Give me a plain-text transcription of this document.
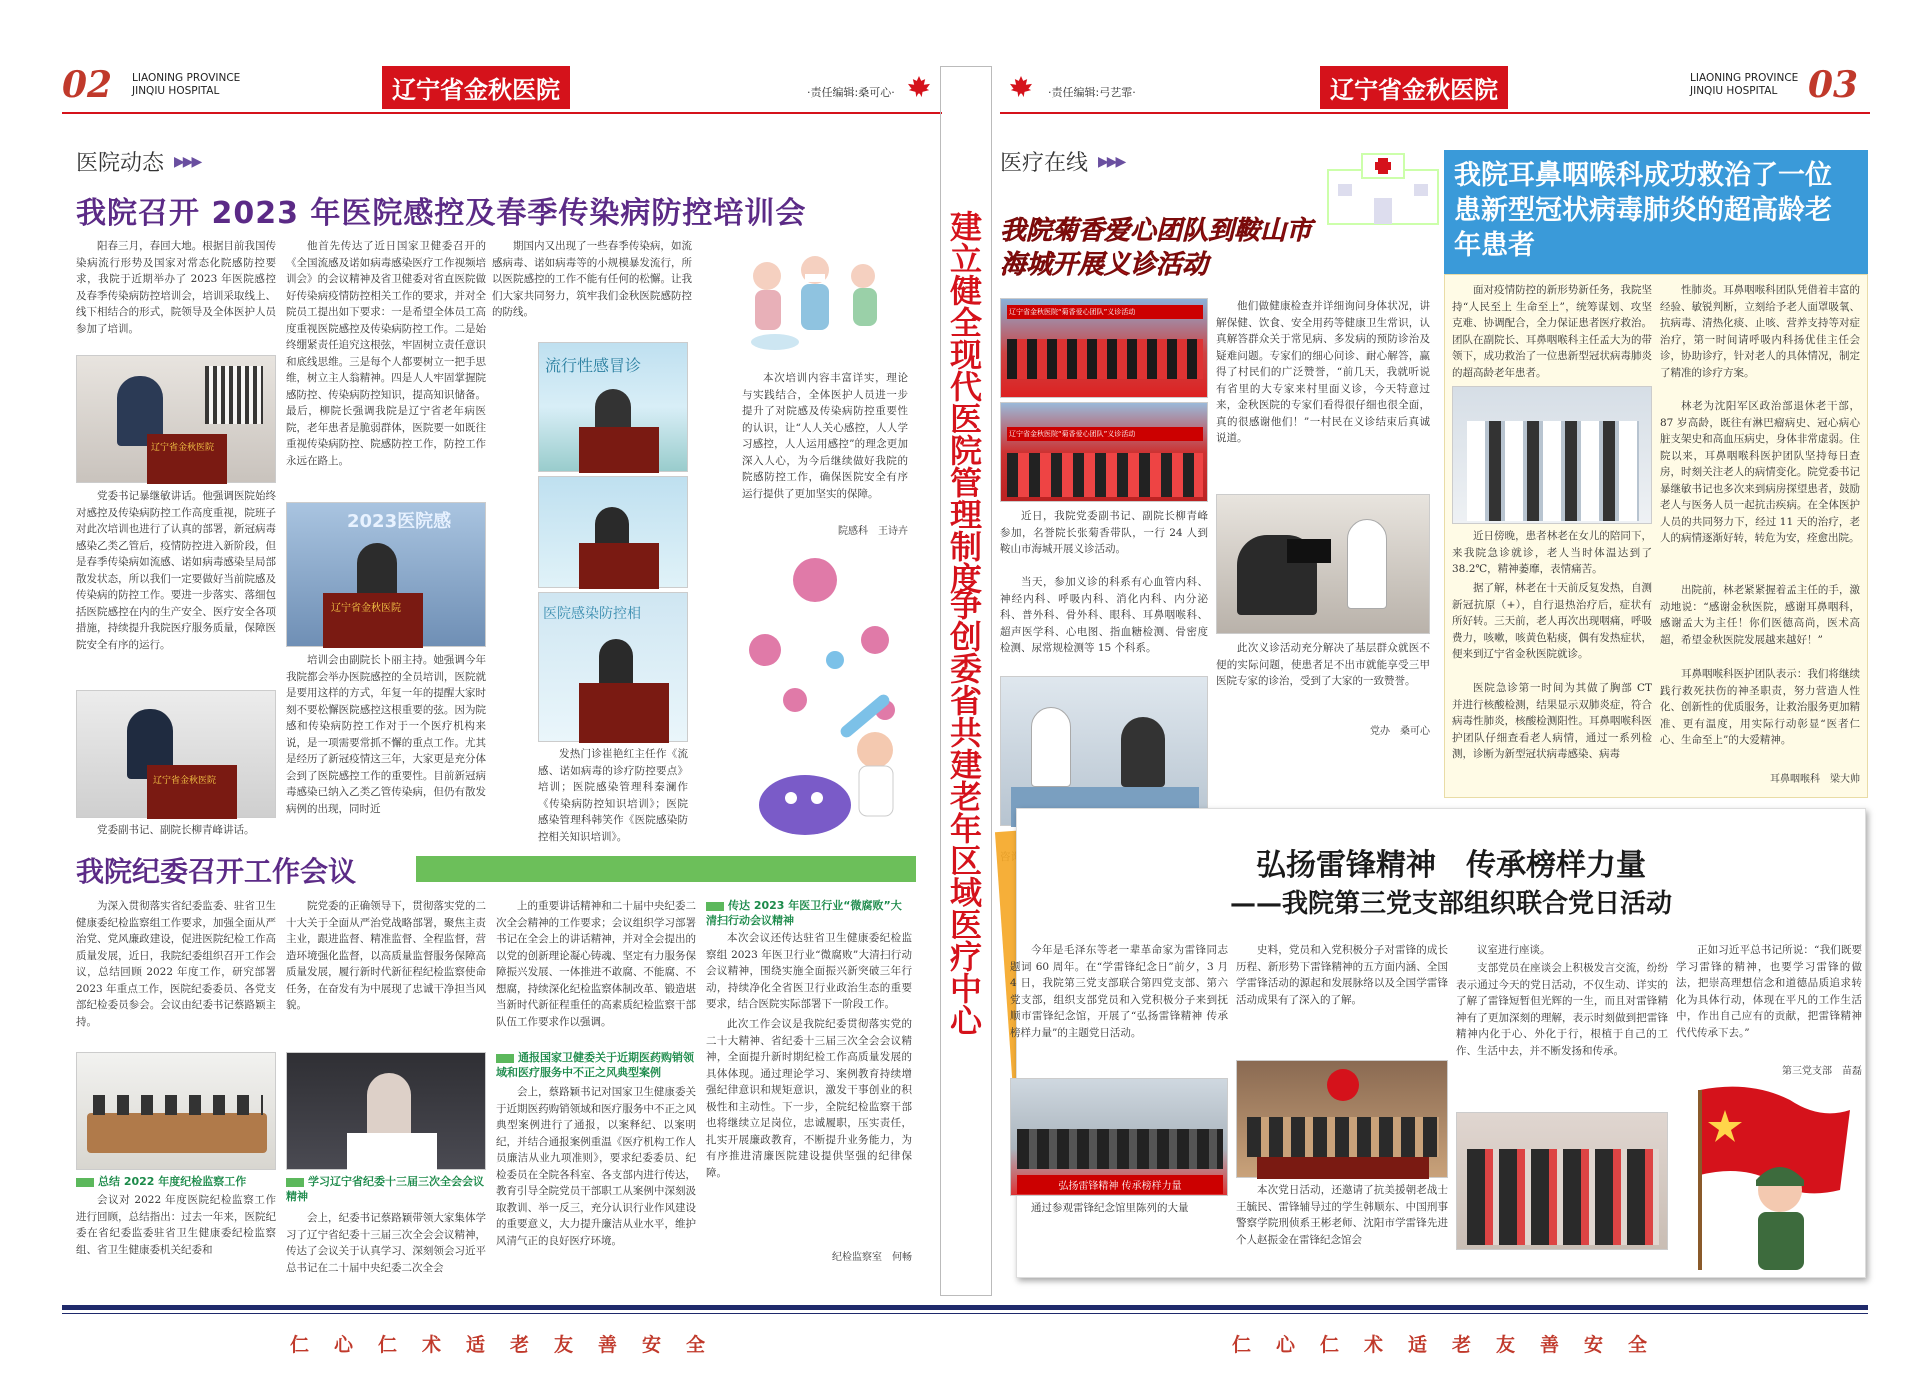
02 LIAONING PROVINCE
JINQIU HOSPITAL	辽宁省金秋医院	·责任编辑:桑可心·
医院动态 ▶▶▶
我院召开 2023 年医院感控及春季传染病防控培训会
阳春三月，春回大地。根据目前我国传染病流行形势及国家对常态化院感防控要求，我院于近期举办了 2023 年医院感控及春季传染病防控培训会，培训采取线上、线下相结合的形式，院领导及全体医护人员参加了培训。
辽宁省金秋医院
党委书记暴继敏讲话。他强调医院始终对感控及传染病防控工作高度重视，院班子对此次培训也进行了认真的部署，新冠病毒感染乙类乙管后，疫情防控进入新阶段，但是春季传染病如流感、诺如病毒感染呈局部散发状态，所以我们一定要做好当前院感及传染病的防控工作。要进一步落实、落细包括医院感控在内的生产安全、医疗安全各项措施，持续提升我院医疗服务质量，保障医院安全有序的运行。
辽宁省金秋医院
党委副书记、副院长柳青峰讲话。
他首先传达了近日国家卫健委召开的《全国流感及诺如病毒感染医疗工作视频培训会》的会议精神及省卫健委对省直医院做好传染病疫情防控相关工作的要求，并对全院员工提出如下要求：一是希望全体员工高度重视医院感控及传染病防控工作。二是始终绷紧责任追究这根弦，牢固树立责任意识和底线思维。三是每个人都要树立一把手思维，树立主人翁精神。四是人人牢固掌握院感防控、传染病防控知识，提高知识储备。最后，柳院长强调我院是辽宁省老年病医院，老年患者是脆弱群体，医院要一如既往重视传染病防控、院感防控工作，防控工作永远在路上。
2023医院感
辽宁省金秋医院
培训会由副院长卜丽主持。她强调今年我院都会举办医院感控的全员培训，医院就是要用这样的方式，年复一年的提醒大家时刻不要松懈医院感控这根重要的弦。因为院感和传染病防控工作对于一个医疗机构来说，是一项需要常抓不懈的重点工作。尤其是经历了新冠疫情这三年，大家更是充分体会到了医院感控工作的重要性。目前新冠病毒感染已纳入乙类乙管传染病，但仍有散发病例的出现，同时近
期国内又出现了一些春季传染病，如流感病毒、诺如病毒等的小规模暴发流行，所以医院感控的工作不能有任何的松懈。让我们大家共同努力，筑牢我们金秋医院感防控的防线。
流行性感冒诊
医院感染防控相
发热门诊崔艳红主任作《流感、诺如病毒的诊疗防控要点》培训；医院感染管理科秦澜作《传染病防控知识培训》；医院感染管理科韩笑作《医院感染防控相关知识培训》。
本次培训内容丰富详实，理论与实践结合，全体医护人员进一步提升了对院感及传染病防控重要性的认识，让“人人关心感控，人人学习感控，人人运用感控”的理念更加深入人心，为今后继续做好我院的院感防控工作，确保医院安全有序运行提供了更加坚实的保障。
院感科　王诗卉
我院纪委召开工作会议
为深入贯彻落实省纪委监委、驻省卫生健康委纪检监察组工作要求，加强全面从严治党、党风廉政建设，促进医院纪检工作高质量发展，近日，我院纪委组织召开工作会议，总结回顾 2022 年度工作，研究部署 2023 年重点工作，医院纪委委员、各党支部纪检委员参会。会议由纪委书记蔡路颖主持。
总结 2022 年度纪检监察工作
会议对 2022 年度医院纪检监察工作进行回顾，总结指出：过去一年来，医院纪委在省纪委监委驻省卫生健康委纪检监察组、省卫生健康委机关纪委和
院党委的正确领导下，贯彻落实党的二十大关于全面从严治党战略部署，聚焦主责主业，跟进监督、精准监督、全程监督，营造环境强化监督，以高质量监督服务保障高质量发展，履行新时代新征程纪检监察使命任务，在奋发有为中展现了忠诚干净担当风貌。
学习辽宁省纪委十三届三次全会会议精神
会上，纪委书记蔡路颖带领大家集体学习了辽宁省纪委十三届三次全会会议精神，传达了会议关于认真学习、深刻领会习近平总书记在二十届中央纪委二次全会
上的重要讲话精神和二十届中央纪委二次全会精神的工作要求；会议组织学习部署书记在全会上的讲话精神，并对全会提出的以党的创新理论凝心铸魂、坚定有力服务保障振兴发展、一体推进不敢腐、不能腐、不想腐，持续深化纪检监察体制改革、锻造堪当新时代新征程重任的高素质纪检监察干部队伍工作要求作以强调。
通报国家卫健委关于近期医药购销领域和医疗服务中不正之风典型案例
会上，蔡路颖书记对国家卫生健康委关于近期医药购销领域和医疗服务中不正之风典型案例进行了通报，以案释纪、以案明纪，并结合通报案例重温《医疗机构工作人员廉洁从业九项准则》，要求纪委委员、纪检委员在全院各科室、各支部内进行传达，教育引导全院党员干部职工从案例中深刻汲取教训、举一反三，充分认识行业作风建设的重要意义，大力提升廉洁从业水平，维护风清气正的良好医疗环境。
传达 2023 年医卫行业“微腐败”大清扫行动会议精神
本次会议还传达驻省卫生健康委纪检监察组 2023 年医卫行业“微腐败”大清扫行动会议精神，围绕实施全面振兴新突破三年行动，持续净化全省医卫行业政治生态的重要要求，结合医院实际部署下一阶段工作。
此次工作会议是我院纪委贯彻落实党的二十大精神、省纪委十三届三次全会会议精神，全面提升新时期纪检工作高质量发展的具体体现。通过理论学习、案例教育持续增强纪律意识和规矩意识，激发干事创业的积极性和主动性。下一步，全院纪检监察干部也将继续立足岗位，忠诚履职，压实责任，扎实开展廉政教育，不断提升业务能力，为有序推进清廉医院建设提供坚强的纪律保障。
纪检监察室　何畅
建立健全现代医院管理制度
争创委省共建老年区域医疗中心
·责任编辑:弓艺霏·	辽宁省金秋医院	LIAONING PROVINCE
JINQIU HOSPITAL 03
医疗在线 ▶▶▶
我院菊香爱心团队到鞍山市
海城开展义诊活动
辽宁省金秋医院“菊香爱心团队”义诊活动
辽宁省金秋医院“菊香爱心团队”义诊活动
近日，我院党委副书记、副院长柳青峰参加，名誉院长张菊香带队，一行 24 人到鞍山市海城开展义诊活动。
当天，参加义诊的科系有心血管内科、神经内科、呼吸内科、消化内科、内分泌科、普外科、骨外科、眼科、耳鼻咽喉科、超声医学科、心电图、指血糖检测、骨密度检测、尿常规检测等 15 个科系。
他们做健康检查并详细询问身体状况，讲解保健、饮食、安全用药等健康卫生常识，认真解答群众关于常见病、多发病的预防诊治及疑难问题。专家们的细心问诊、耐心解答，赢得了村民们的广泛赞誉，“前几天，我就听说有省里的大专家来村里面义诊，今天特意过来，金秋医院的专家们看得很仔细也很全面，真的很感谢他们！”一村民在义诊结束后真诚说道。
此次义诊活动充分解决了基层群众就医不便的实际问题，使患者足不出市就能享受三甲医院专家的诊治，受到了大家的一致赞誉。
党办　桑可心
我院耳鼻咽喉科成功救治了一位患新型冠状病毒肺炎的超高龄老年患者
面对疫情防控的新形势新任务，我院坚持“人民至上 生命至上”，统筹谋划、攻坚克难、协调配合，全力保证患者医疗救治。团队在副院长、耳鼻咽喉科主任孟大为的带领下，成功救治了一位患新型冠状病毒肺炎的超高龄老年患者。
近日傍晚，患者林老在女儿的陪同下，来我院急诊就诊，老人当时体温达到了 38.2℃，精神萎靡，表情痛苦。
据了解，林老在十天前反复发热，自测新冠抗原（+），自行退热治疗后，症状有所好转。三天前，老人再次出现咽痛，呼吸费力，咳嗽，咳黄色粘痰，偶有发热症状，便来到辽宁省金秋医院就诊。
医院急诊第一时间为其做了胸部 CT 并进行核酸检测，结果显示双肺炎症，符合病毒性肺炎，核酸检测阳性。耳鼻咽喉科医护团队仔细查看老人病情，通过一系列检测，诊断为新型冠状病毒感染、病毒
性肺炎。耳鼻咽喉科团队凭借着丰富的经验、敏锐判断，立刻给予老人面罩吸氧、抗病毒、清热化痰、止咳、营养支持等对症治疗，第一时间请呼吸内科扬优佳主任会诊，协助诊疗，针对老人的具体情况，制定了精准的诊疗方案。
林老为沈阳军区政治部退休老干部，87 岁高龄，既往有淋巴瘤病史、冠心病心脏支架史和高血压病史，身体非常虚弱。住院以来，耳鼻咽喉科医护团队坚持每日查房，时刻关注老人的病情变化。院党委书记暴继敏书记也多次来到病房探望患者，鼓励老人与医务人员一起抗击疾病。在全体医护人员的共同努力下，经过 11 天的治疗，老人的病情逐渐好转，转危为安，痊愈出院。
出院前，林老紧紧握着孟主任的手，激动地说：“感谢金秋医院，感谢耳鼻咽科，感谢孟大为主任！你们医德高尚，医术高超，希望金秋医院发展越来越好！”
耳鼻咽喉科医护团队表示：我们将继续践行救死扶伤的神圣职责，努力营造人性化、创新性的优质服务，让救治服务更加精准、更有温度，用实际行动彰显“医者仁心、生命至上”的大爱精神。
耳鼻咽喉科　梁大帅
弘扬雷锋精神　传承榜样力量
——我院第三党支部组织联合党日活动
今年是毛泽东等老一辈革命家为雷锋同志题词 60 周年。在“学雷锋纪念日”前夕，3 月 4 日，我院第三党支部联合第四党支部、第六党支部，组织支部党员和入党积极分子来到抚顺市雷锋纪念馆，开展了“弘扬雷锋精神 传承榜样力量”的主题党日活动。
弘扬雷锋精神 传承榜样力量
通过参观雷锋纪念馆里陈列的大量
史料，党员和入党积极分子对雷锋的成长历程、新形势下雷锋精神的五方面内涵、全国学雷锋活动的源起和发展脉络以及全国学雷锋活动成果有了深入的了解。
本次党日活动，还邀请了抗美援朝老战士王毓民、雷锋辅导过的学生韩顺东、中国刑事警察学院刑侦系王彬老师、沈阳市学雷锋先进个人赵振金在雷锋纪念馆会
议室进行座谈。
支部党员在座谈会上积极发言交流，纷纷表示通过今天的党日活动，不仅生动、详实的了解了雷锋短暂但光辉的一生，而且对雷锋精神有了更加深刻的理解，表示时刻做到把雷锋精神内化于心、外化于行，根植于自己的工作、生活中去，并不断发扬和传承。
正如习近平总书记所说：“我们既要学习雷锋的精神，也要学习雷锋的做法，把崇高理想信念和道德品质追求转化为具体行动，体现在平凡的工作生活中，作出自己应有的贡献，把雷锋精神代代传承下去。”
第三党支部　苗磊
仁心仁术适老友善安全	仁心仁术适老友善安全
